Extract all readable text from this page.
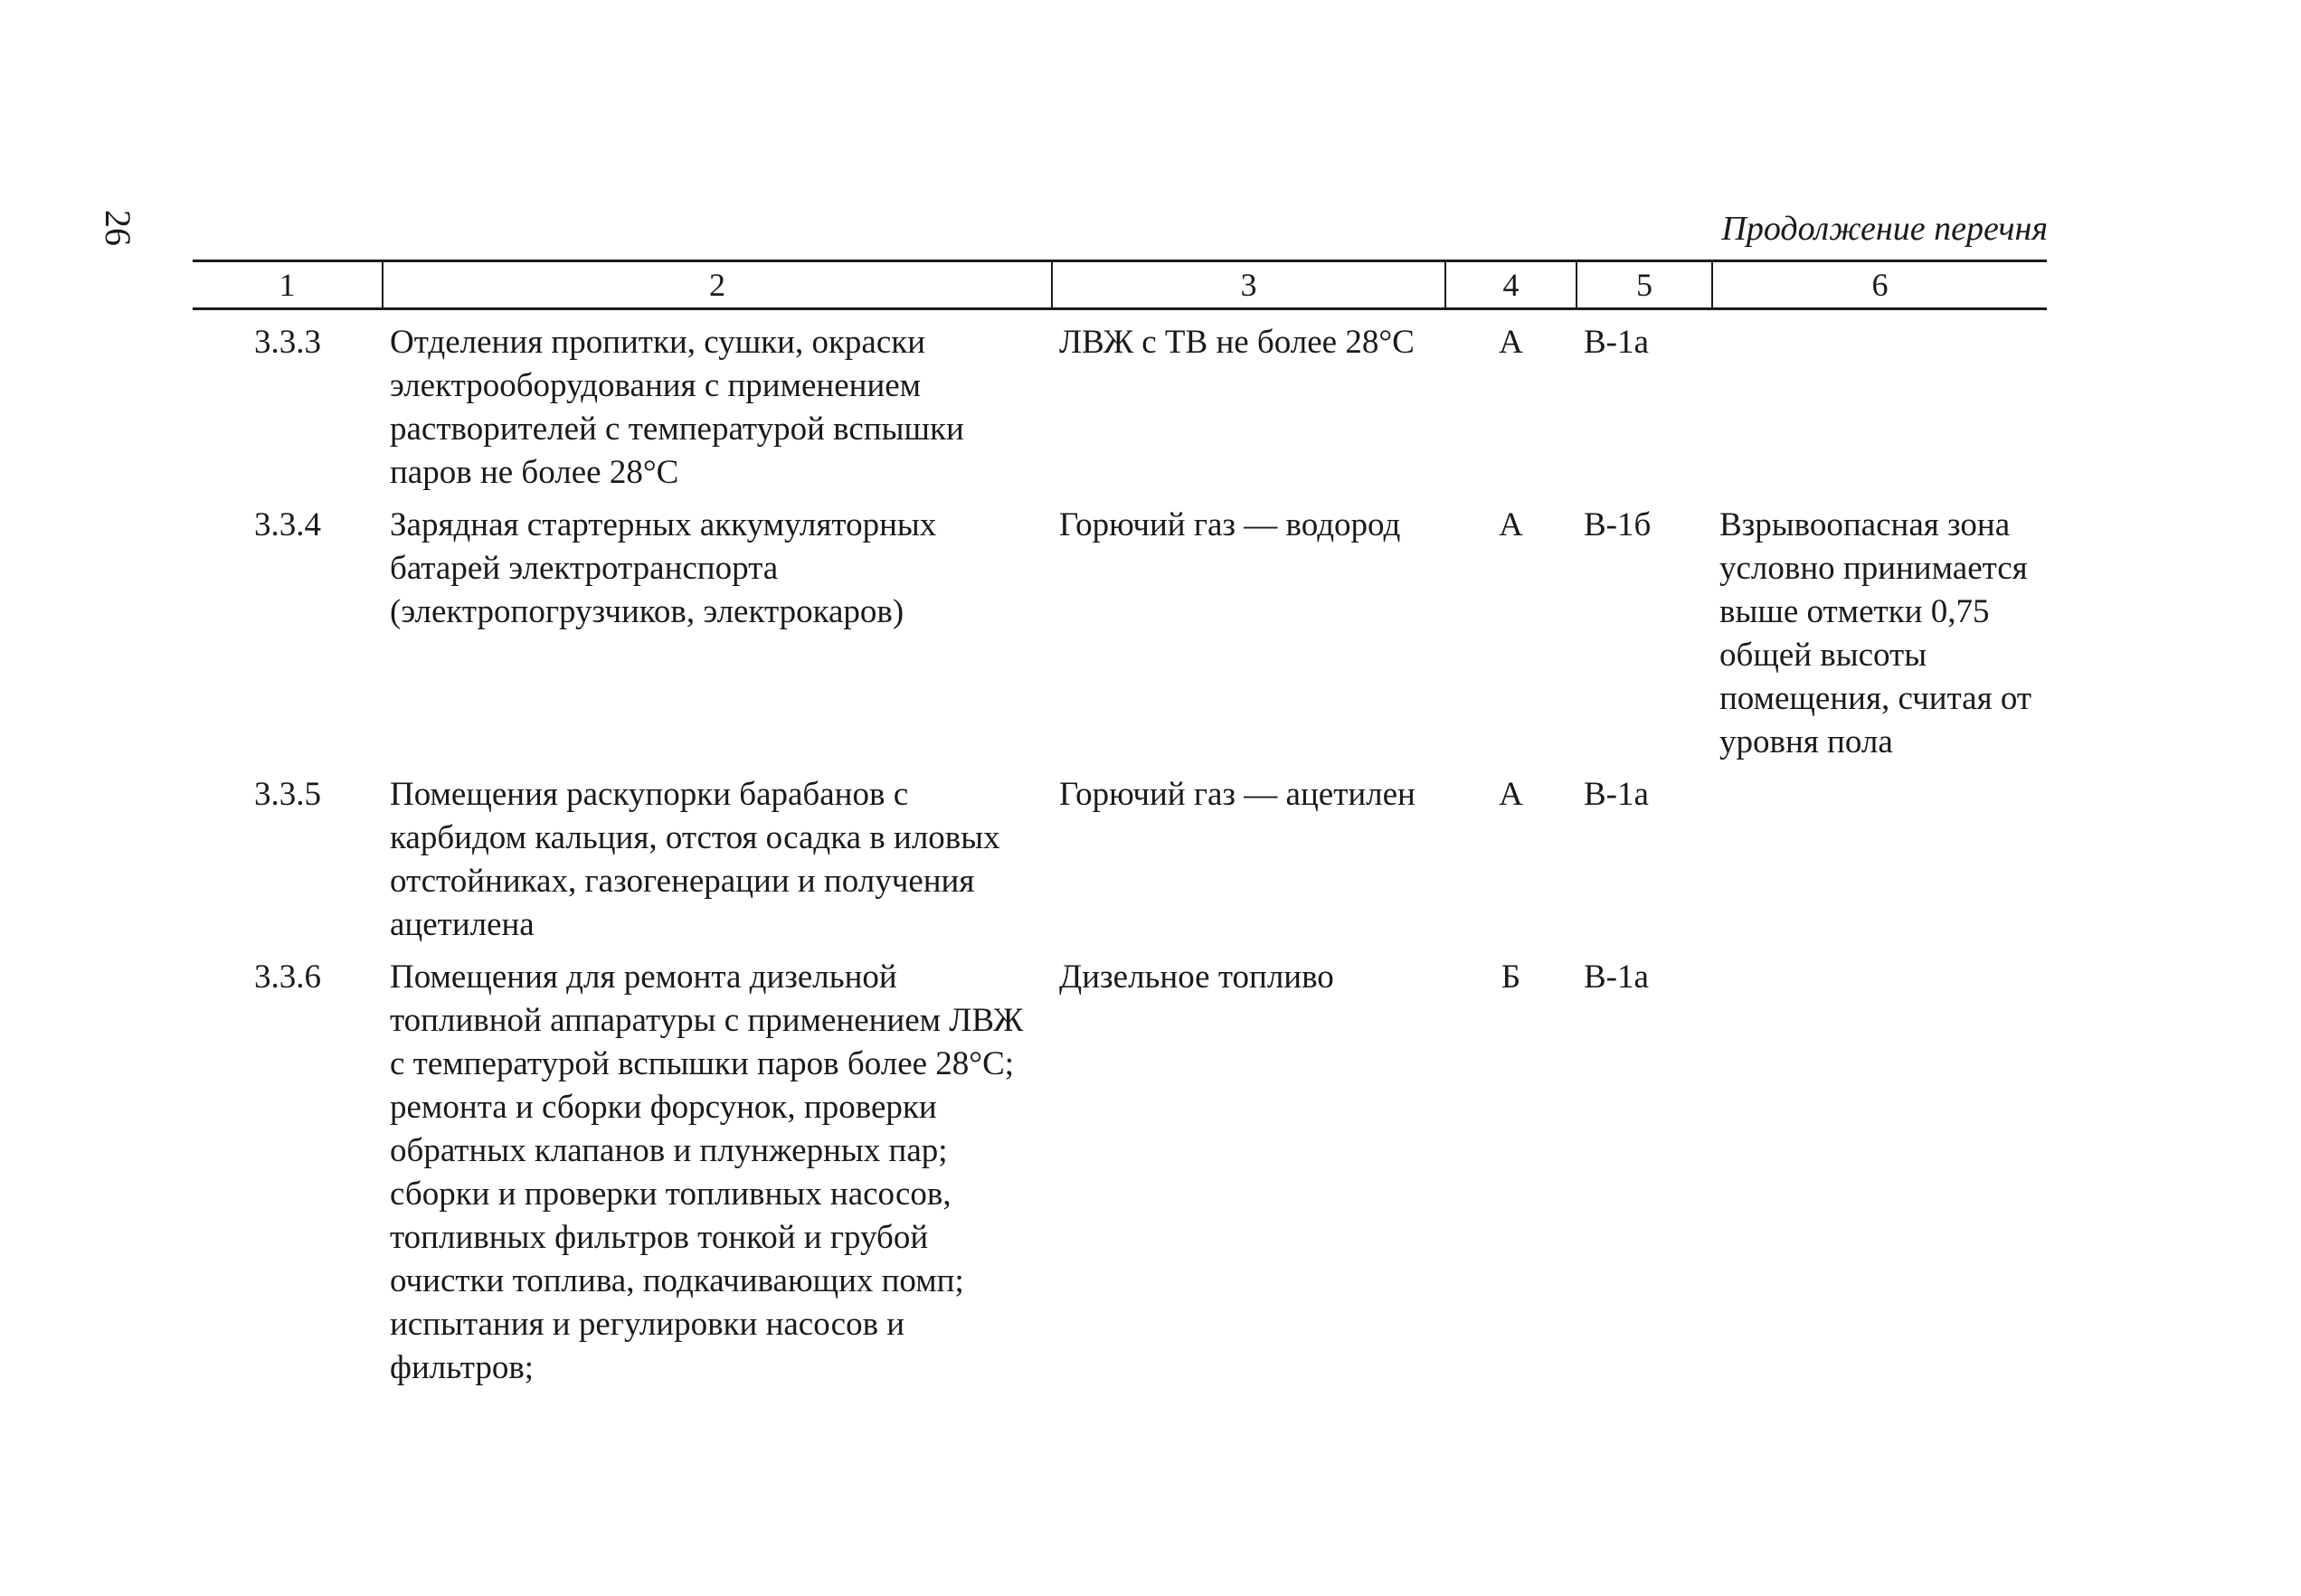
26	Продолжение перечня
1	2	3	4	5	6
3.3.3	Отделения пропитки, сушки, окраски электрооборудования с применением растворителей с температурой вспышки паров не более 28°С	ЛВЖ с ТВ не более 28°С	А	В-1а	
3.3.4	Зарядная стартерных аккумуляторных батарей электротранспорта (электропогрузчиков, электрокаров)	Горючий газ — водород	А	В-1б	Взрывоопасная зона условно принимается выше отметки 0,75 общей высоты помещения, считая от уровня пола
3.3.5	Помещения раскупорки барабанов с карбидом кальция, отстоя осадка в иловых отстойниках, газогенерации и получения ацетилена	Горючий газ — ацетилен	А	В-1а	
3.3.6	Помещения для ремонта дизельной топливной аппаратуры с применением ЛВЖ с температурой вспышки паров более 28°С; ремонта и сборки форсунок, проверки обратных клапанов и плунжерных пар; сборки и проверки топливных насосов, топливных фильтров тонкой и грубой очистки топлива, подкачивающих помп; испытания и регулировки насосов и фильтров;	Дизельное топливо	Б	В-1а	
